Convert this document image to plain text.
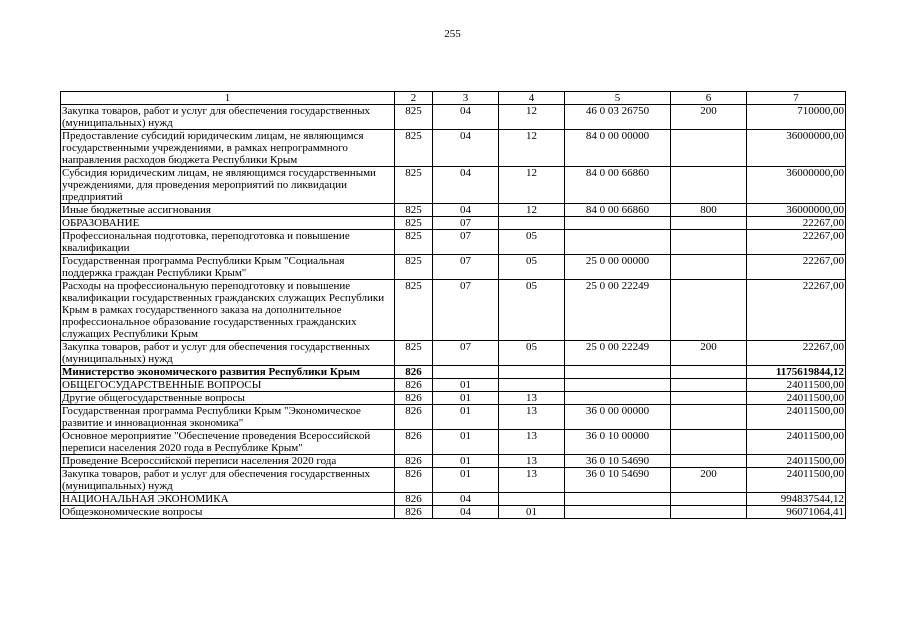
255
1	2	3	4	5	6	7
Закупка товаров, работ и услуг для обеспечения государственных (муниципальных) нужд	825	04	12	46 0 03 26750	200	710000,00
Предоставление субсидий юридическим лицам, не являющимся государственными учреждениями, в рамках непрограммного направления расходов бюджета Республики Крым	825	04	12	84 0 00 00000		36000000,00
Субсидия юридическим лицам, не являющимся государственными учреждениями, для проведения мероприятий по ликвидации предприятий	825	04	12	84 0 00 66860		36000000,00
Иные бюджетные ассигнования	825	04	12	84 0 00 66860	800	36000000,00
ОБРАЗОВАНИЕ	825	07				22267,00
Профессиональная подготовка, переподготовка и повышение квалификации	825	07	05			22267,00
Государственная программа Республики Крым "Социальная поддержка граждан Республики Крым"	825	07	05	25 0 00 00000		22267,00
Расходы на профессиональную переподготовку и повышение квалификации государственных гражданских служащих Республики Крым в рамках государственного заказа на дополнительное профессиональное образование государственных гражданских служащих Республики Крым	825	07	05	25 0 00 22249		22267,00
Закупка товаров, работ и услуг для обеспечения государственных (муниципальных) нужд	825	07	05	25 0 00 22249	200	22267,00
Министерство экономического развития Республики Крым	826					1175619844,12
ОБЩЕГОСУДАРСТВЕННЫЕ ВОПРОСЫ	826	01				24011500,00
Другие общегосударственные вопросы	826	01	13			24011500,00
Государственная программа Республики Крым "Экономическое развитие и инновационная экономика"	826	01	13	36 0 00 00000		24011500,00
Основное мероприятие "Обеспечение проведения Всероссийской переписи населения 2020 года в Республике Крым"	826	01	13	36 0 10 00000		24011500,00
Проведение Всероссийской переписи населения 2020 года	826	01	13	36 0 10 54690		24011500,00
Закупка товаров, работ и услуг для обеспечения государственных (муниципальных) нужд	826	01	13	36 0 10 54690	200	24011500,00
НАЦИОНАЛЬНАЯ ЭКОНОМИКА	826	04				994837544,12
Общеэкономические вопросы	826	04	01			96071064,41
